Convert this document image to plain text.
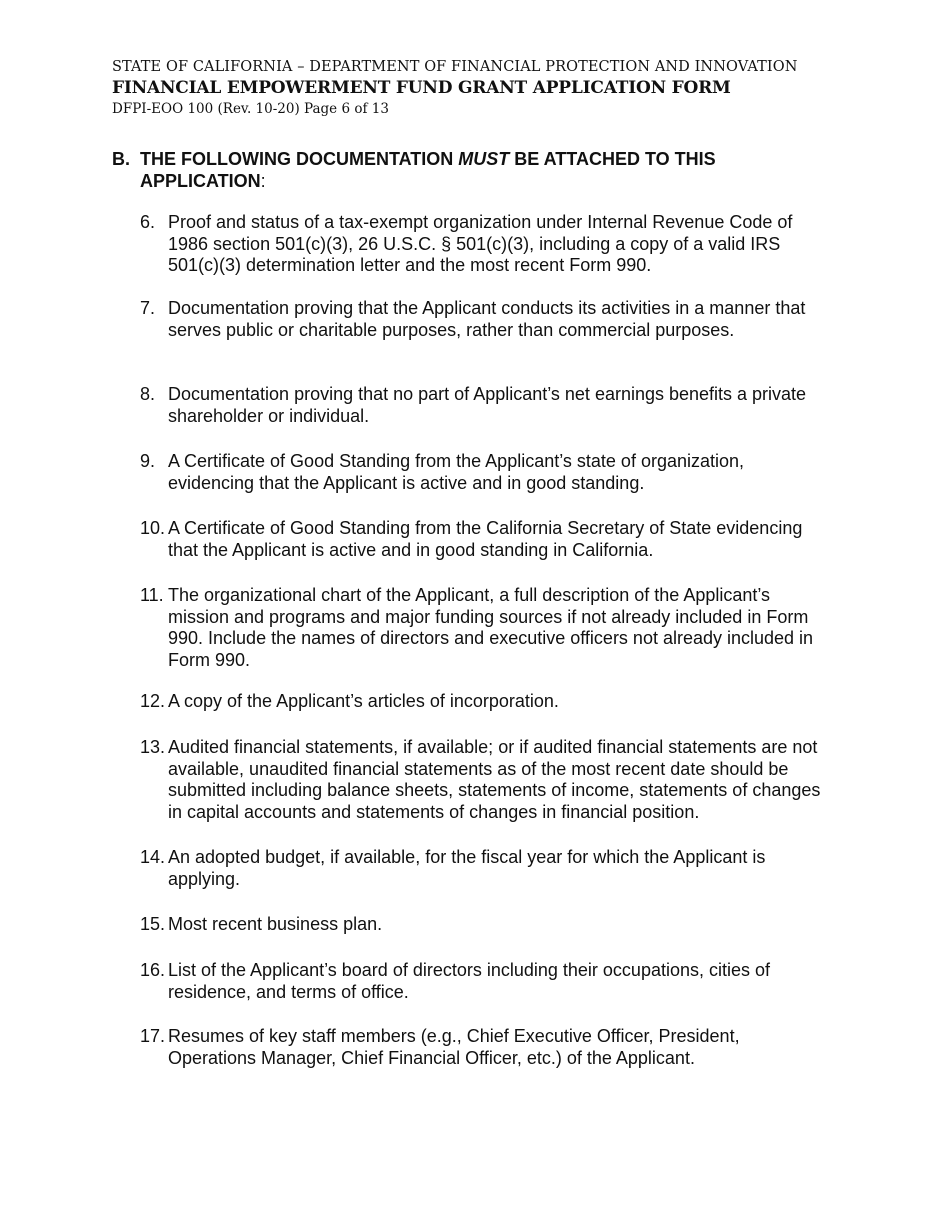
STATE OF CALIFORNIA – DEPARTMENT OF FINANCIAL PROTECTION AND INNOVATION
FINANCIAL EMPOWERMENT FUND GRANT APPLICATION FORM
DFPI-EOO 100 (Rev. 10-20) Page 6 of 13
B. THE FOLLOWING DOCUMENTATION MUST BE ATTACHED TO THIS APPLICATION:
6. Proof and status of a tax-exempt organization under Internal Revenue Code of 1986 section 501(c)(3), 26 U.S.C. § 501(c)(3), including a copy of a valid IRS 501(c)(3) determination letter and the most recent Form 990.
7. Documentation proving that the Applicant conducts its activities in a manner that serves public or charitable purposes, rather than commercial purposes.
8. Documentation proving that no part of Applicant’s net earnings benefits a private shareholder or individual.
9. A Certificate of Good Standing from the Applicant’s state of organization, evidencing that the Applicant is active and in good standing.
10. A Certificate of Good Standing from the California Secretary of State evidencing that the Applicant is active and in good standing in California.
11. The organizational chart of the Applicant, a full description of the Applicant’s mission and programs and major funding sources if not already included in Form 990. Include the names of directors and executive officers not already included in Form 990.
12. A copy of the Applicant’s articles of incorporation.
13. Audited financial statements, if available; or if audited financial statements are not available, unaudited financial statements as of the most recent date should be submitted including balance sheets, statements of income, statements of changes in capital accounts and statements of changes in financial position.
14. An adopted budget, if available, for the fiscal year for which the Applicant is applying.
15. Most recent business plan.
16. List of the Applicant’s board of directors including their occupations, cities of residence, and terms of office.
17. Resumes of key staff members (e.g., Chief Executive Officer, President, Operations Manager, Chief Financial Officer, etc.) of the Applicant.
